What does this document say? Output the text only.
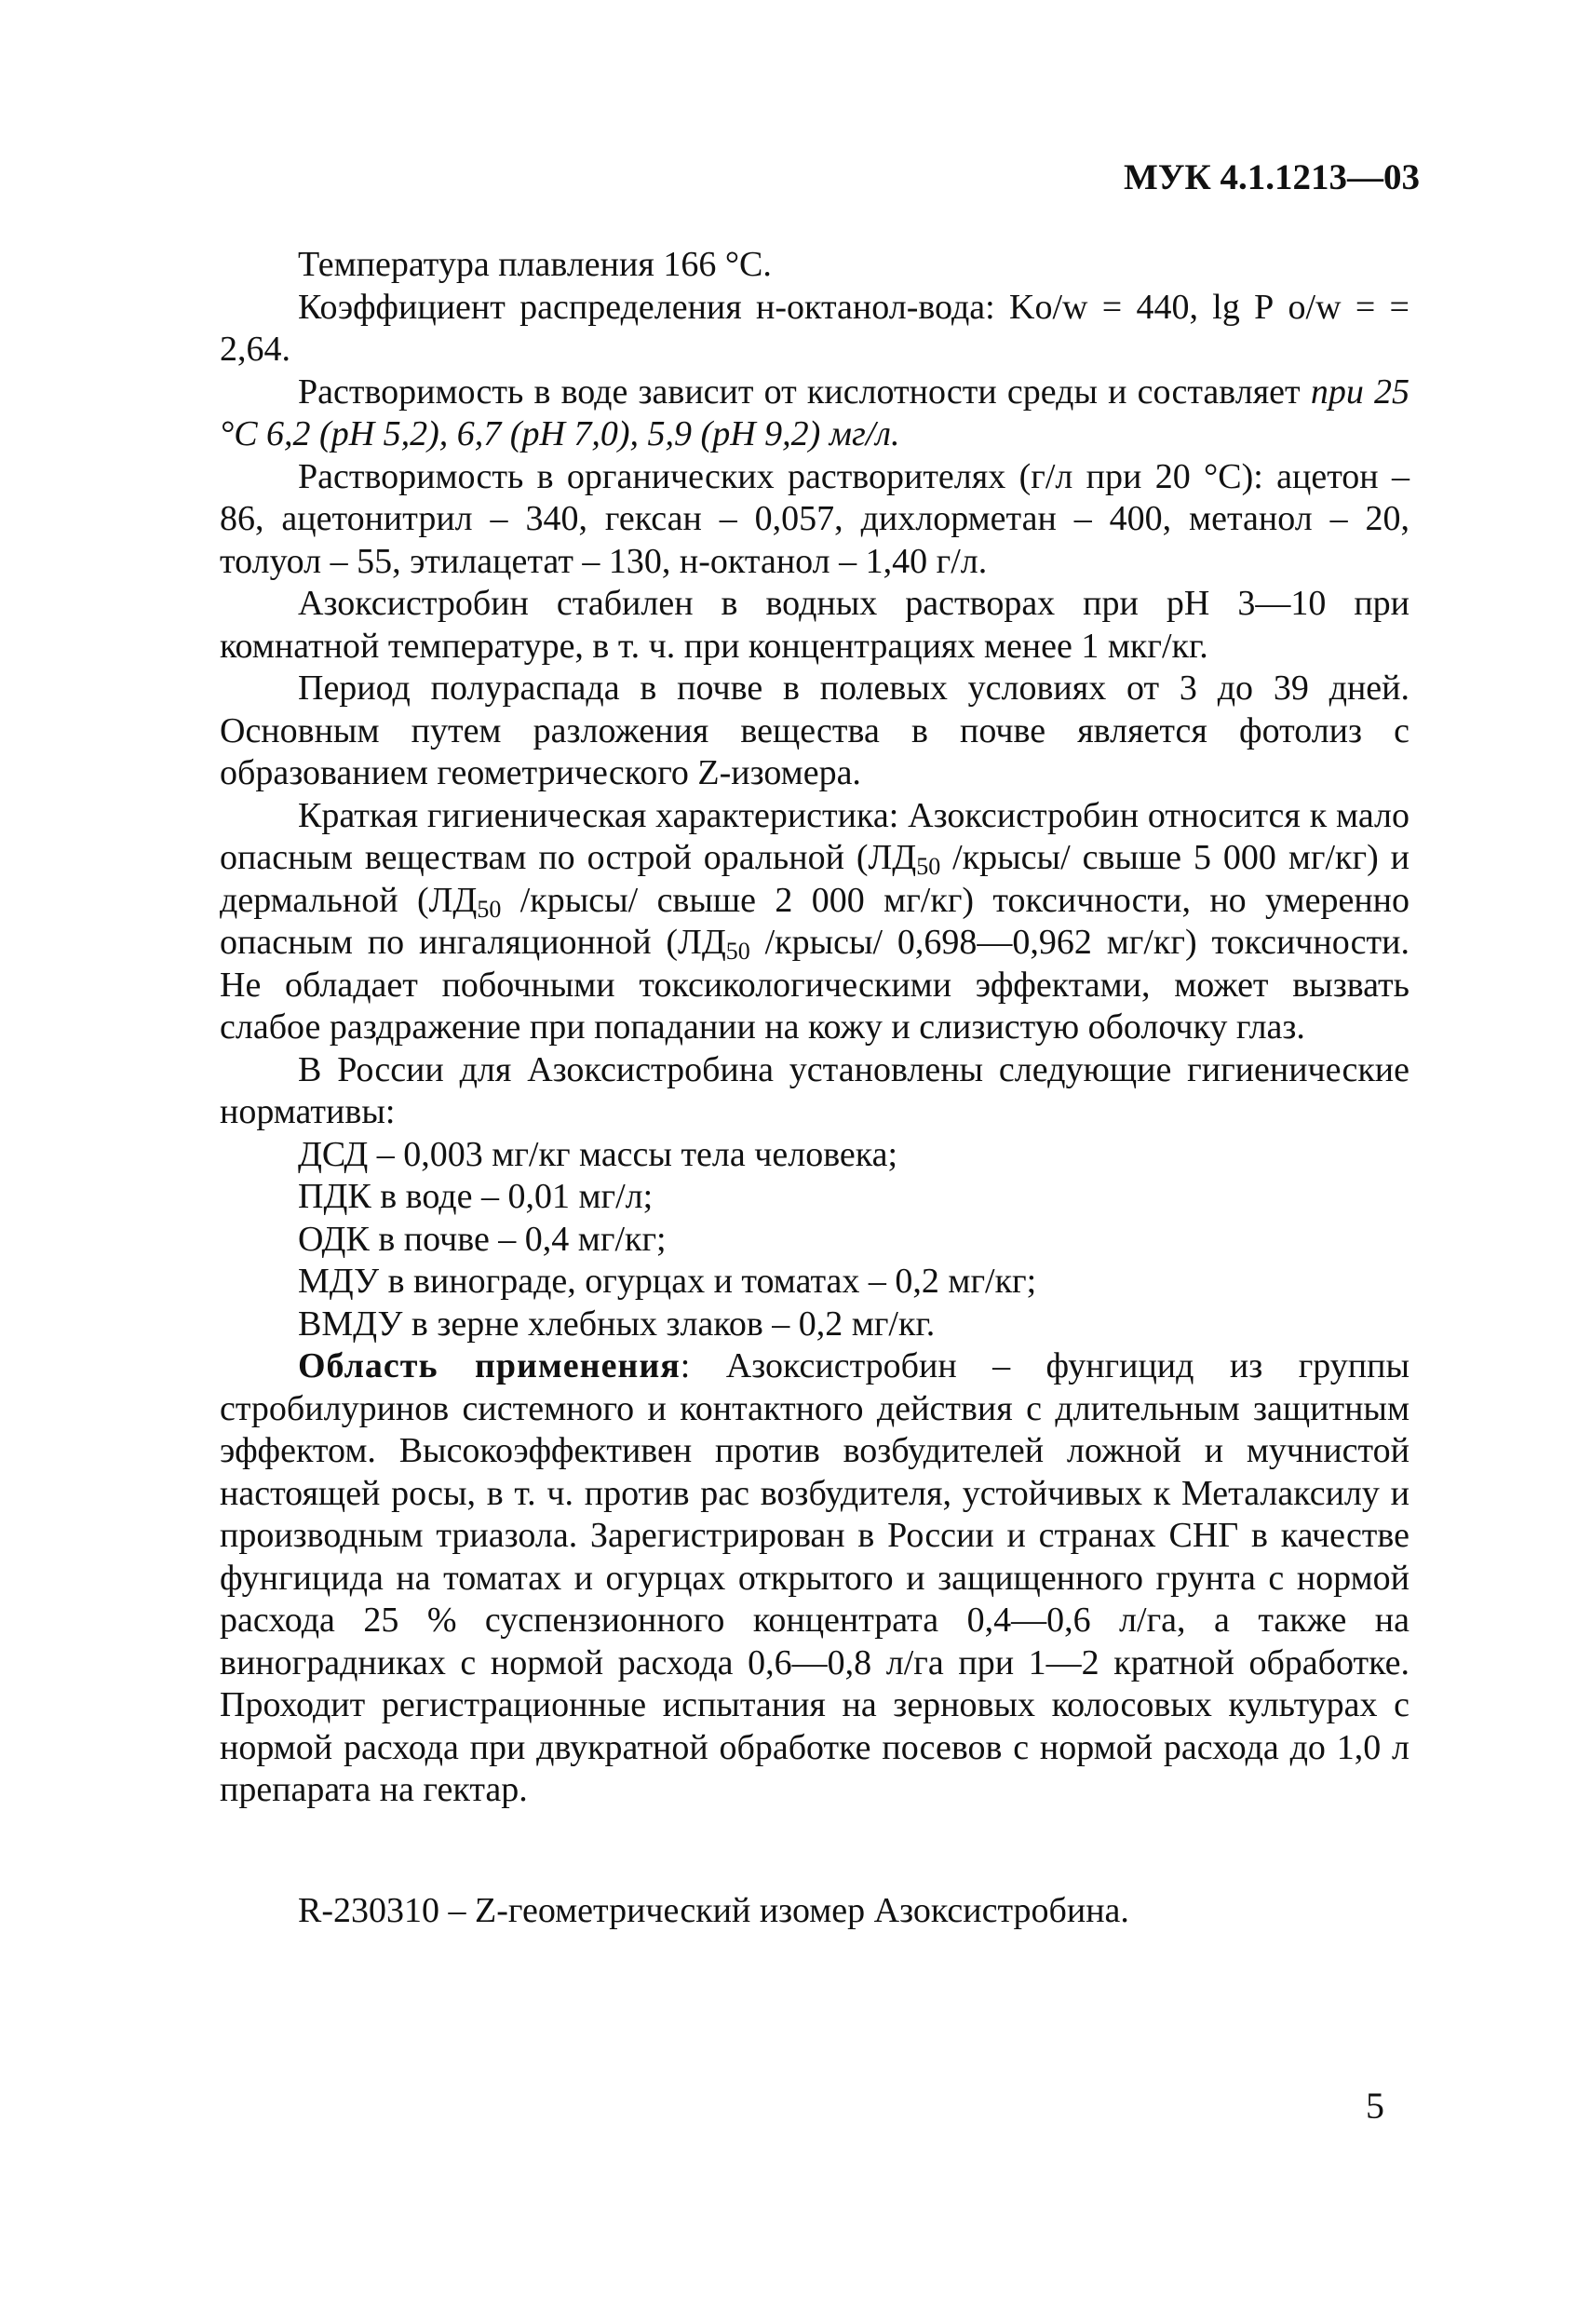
МУК 4.1.1213—03

Температура плавления 166 °С.

Коэффициент распределения н-октанол-вода: Ko/w = 440, lg Р o/w = = 2,64.

Растворимость в воде зависит от кислотности среды и составляет при 25 °С 6,2 (рН 5,2), 6,7 (рН 7,0), 5,9 (рН 9,2) мг/л.

Растворимость в органических растворителях (г/л при 20 °С): ацетон – 86, ацетонитрил – 340, гексан – 0,057, дихлорметан – 400, метанол – 20, толуол – 55, этилацетат – 130, н-октанол – 1,40 г/л.

Азоксистробин стабилен в водных растворах при рН 3—10 при комнатной температуре, в т. ч. при концентрациях менее 1 мкг/кг.

Период полураспада в почве в полевых условиях от 3 до 39 дней. Основным путем разложения вещества в почве является фотолиз с образованием геометрического Z-изомера.

Краткая гигиеническая характеристика: Азоксистробин относится к мало опасным веществам по острой оральной ($ЛД_{50}$ /крысы/ свыше 5 000 мг/кг) и дермальной ($ЛД_{50}$ /крысы/ свыше 2 000 мг/кг) токсичности, но умеренно опасным по ингаляционной ($ЛД_{50}$ /крысы/ 0,698—0,962 мг/кг) токсичности. Не обладает побочными токсикологическими эффектами, может вызвать слабое раздражение при попадании на кожу и слизистую оболочку глаз.

В России для Азоксистробина установлены следующие гигиенические нормативы:

ДСД – 0,003 мг/кг массы тела человека;

ПДК в воде – 0,01 мг/л;

ОДК в почве – 0,4 мг/кг;

МДУ в винограде, огурцах и томатах – 0,2 мг/кг;

ВМДУ в зерне хлебных злаков – 0,2 мг/кг.

Область применения: Азоксистробин – фунгицид из группы стробилуринов системного и контактного действия с длительным защитным эффектом. Высокоэффективен против возбудителей ложной и мучнистой настоящей росы, в т. ч. против рас возбудителя, устойчивых к Металаксилу и производным триазола. Зарегистрирован в России и странах СНГ в качестве фунгицида на томатах и огурцах открытого и защищенного грунта с нормой расхода 25 % суспензионного концентрата 0,4—0,6 л/га, а также на виноградниках с нормой расхода 0,6—0,8 л/га при 1—2 кратной обработке. Проходит регистрационные испытания на зерновых колосовых культурах с нормой расхода при двукратной обработке посевов с нормой расхода до 1,0 л препарата на гектар.

R-230310 – Z-геометрический изомер Азоксистробина.
5
